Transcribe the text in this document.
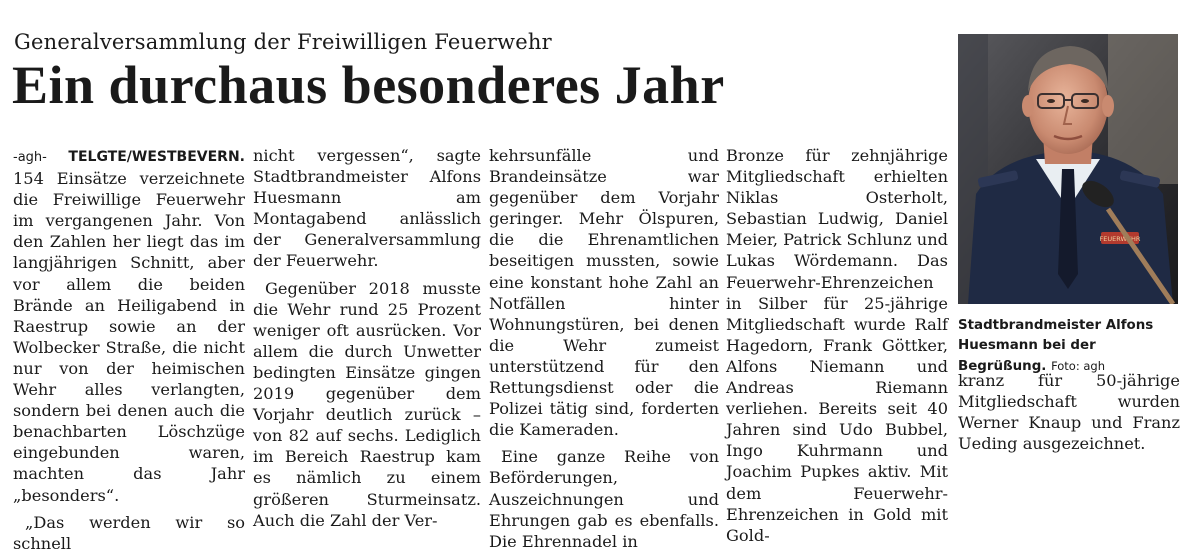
Generalversammlung der Freiwilligen Feuerwehr
Ein durchaus besonderes Jahr

-agh- TELGTE/WESTBEVERN. 154 Einsätze verzeichnete die Freiwillige Feuerwehr im vergangenen Jahr. Von den Zahlen her liegt das im langjährigen Schnitt, aber vor allem die beiden Brände an Heiligabend in Raestrup sowie an der Wolbecker Straße, die nicht nur von der heimischen Wehr alles verlangten, sondern bei denen auch die benachbarten Löschzüge eingebunden waren, machten das Jahr „besonders“.

„Das werden wir so schnell

nicht vergessen“, sagte Stadtbrandmeister Alfons Huesmann am Montagabend anlässlich der Generalversammlung der Feuerwehr.

Gegenüber 2018 musste die Wehr rund 25 Prozent weniger oft ausrücken. Vor allem die durch Unwetter bedingten Einsätze gingen 2019 gegenüber dem Vorjahr deutlich zurück – von 82 auf sechs. Lediglich im Bereich Raestrup kam es nämlich zu einem größeren Sturmeinsatz. Auch die Zahl der Ver-

kehrsunfälle und Brandeinsätze war gegenüber dem Vorjahr geringer. Mehr Ölspuren, die die Ehrenamtlichen beseitigen mussten, sowie eine konstant hohe Zahl an Notfällen hinter Wohnungstüren, bei denen die Wehr zumeist unterstützend für den Rettungsdienst oder die Polizei tätig sind, forderten die Kameraden.

Eine ganze Reihe von Beförderungen, Auszeichnungen und Ehrungen gab es ebenfalls. Die Ehrennadel in

Bronze für zehnjährige Mitgliedschaft erhielten Niklas Osterholt, Sebastian Ludwig, Daniel Meier, Patrick Schlunz und Lukas Wördemann. Das Feuerwehr-Ehrenzeichen in Silber für 25-jährige Mitgliedschaft wurde Ralf Hagedorn, Frank Göttker, Alfons Niemann und Andreas Riemann verliehen. Bereits seit 40 Jahren sind Udo Bubbel, Ingo Kuhrmann und Joachim Pupkes aktiv. Mit dem Feuerwehr-Ehrenzeichen in Gold mit Gold-

FEUERWEHR
Stadtbrandmeister Alfons Huesmann bei der Begrüßung. Foto: agh

kranz für 50-jährige Mitgliedschaft wurden Werner Knaup und Franz Ueding ausgezeichnet.
